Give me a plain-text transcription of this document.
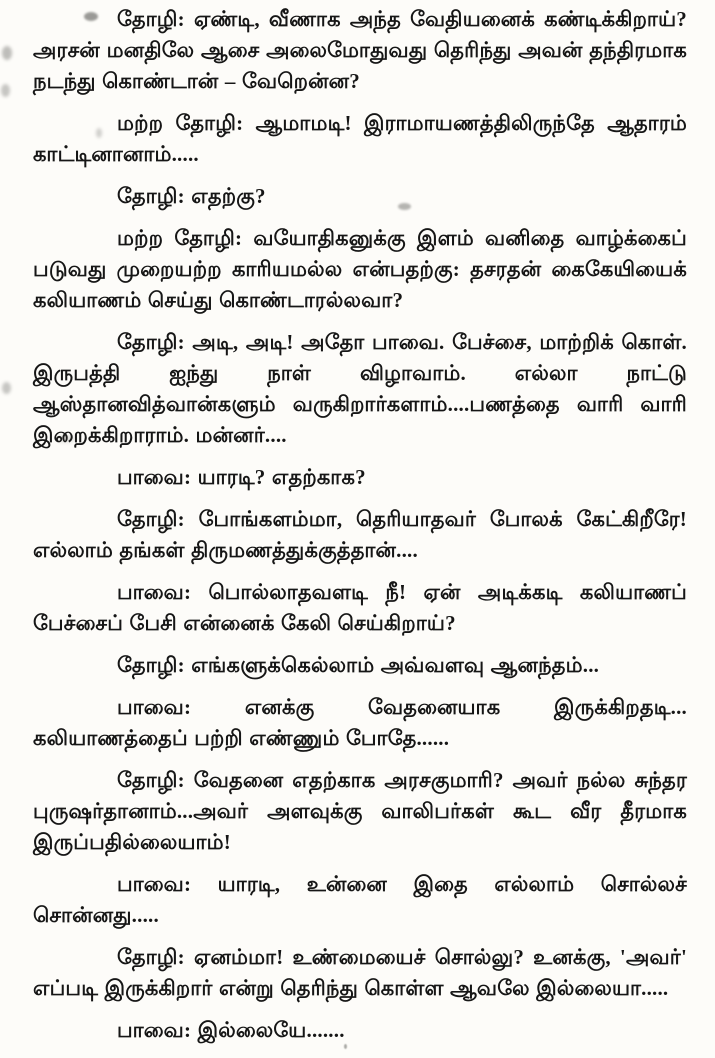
தோழி: ஏண்டி, வீணாக அந்த வேதியனைக் கண்டிக்கிறாய்? அரசன் மனதிலே ஆசை அலைமோதுவது தெரிந்து அவன் தந்திரமாக நடந்து கொண்டான் – வேறென்ன?

மற்ற தோழி: ஆமாமடி! இராமாயணத்திலிருந்தே ஆதாரம் காட்டினானாம்.....

தோழி: எதற்கு?

மற்ற தோழி: வயோதிகனுக்கு இளம் வனிதை வாழ்க்கைப் படுவது முறையற்ற காரியமல்ல என்பதற்கு: தசரதன் கைகேயியைக் கலியாணம் செய்து கொண்டாரல்லவா?

தோழி: அடி, அடி! அதோ பாவை. பேச்சை, மாற்றிக் கொள். இருபத்தி ஐந்து நாள் விழாவாம். எல்லா நாட்டு ஆஸ்தானவித்வான்களும் வருகிறார்களாம்....பணத்தை வாரி வாரி இறைக்கிறாராம். மன்னர்....

பாவை: யாரடி? எதற்காக?

தோழி: போங்களம்மா, தெரியாதவர் போலக் கேட்கிறீரே! எல்லாம் தங்கள் திருமணத்துக்குத்தான்....

பாவை: பொல்லாதவளடி நீ! ஏன் அடிக்கடி கலியாணப் பேச்சைப் பேசி என்னைக் கேலி செய்கிறாய்?

தோழி: எங்களுக்கெல்லாம் அவ்வளவு ஆனந்தம்...

பாவை: எனக்கு வேதனையாக இருக்கிறதடி... கலியாணத்தைப் பற்றி எண்ணும் போதே......

தோழி: வேதனை எதற்காக அரசகுமாரி? அவர் நல்ல சுந்தர புருஷர்தானாம்...அவர் அளவுக்கு வாலிபர்கள் கூட வீர தீரமாக இருப்பதில்லையாம்!

பாவை: யாரடி, உன்னை இதை எல்லாம் சொல்லச் சொன்னது.....

தோழி: ஏனம்மா! உண்மையைச் சொல்லு? உனக்கு, 'அவர்' எப்படி இருக்கிறார் என்று தெரிந்து கொள்ள ஆவலே இல்லையா.....

பாவை: இல்லையே.......
